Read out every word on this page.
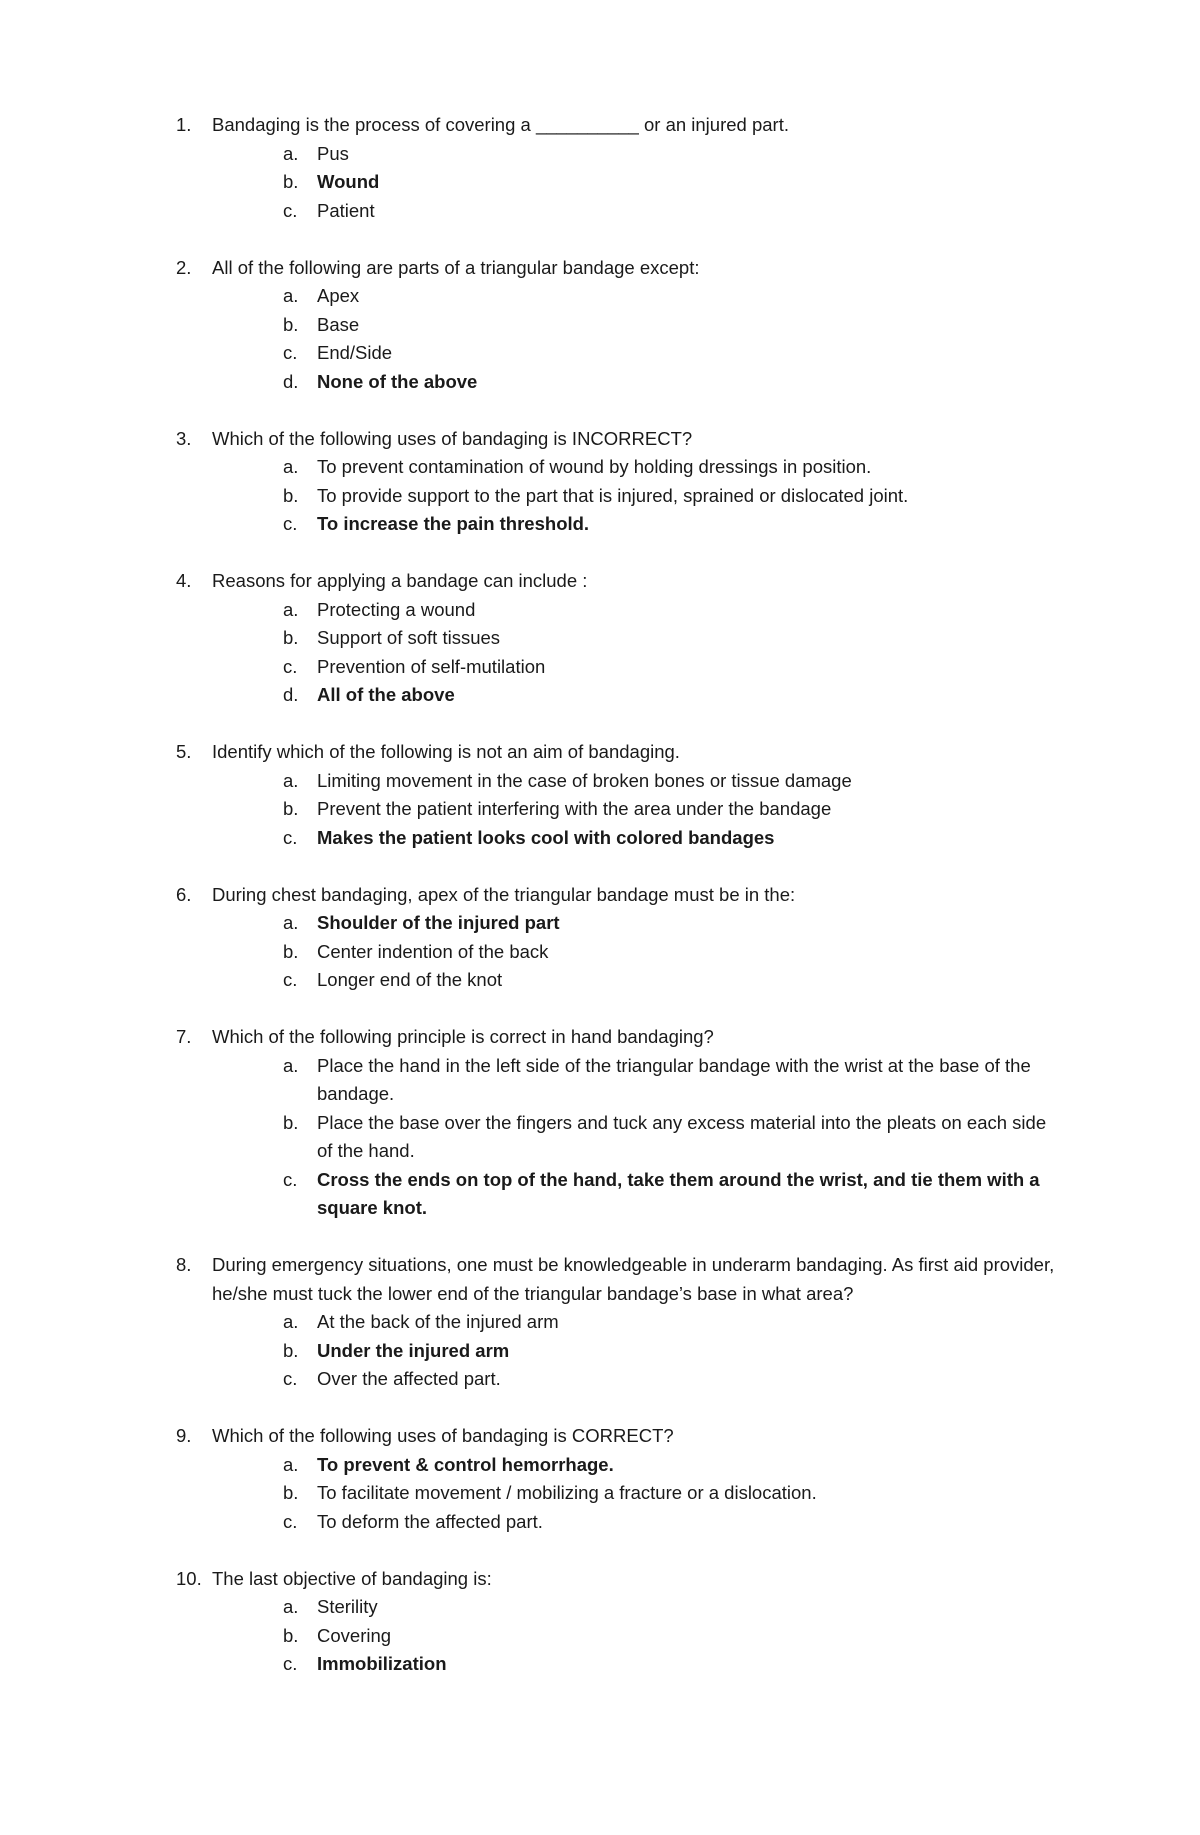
1.	Bandaging is the process of covering a __________ or an injured part.
a.	Pus
b.	Wound
c.	Patient
2.	All of the following are parts of a triangular bandage except:
a.	Apex
b.	Base
c.	End/Side
d.	None of the above
3.	Which of the following uses of bandaging is INCORRECT?
a.	To prevent contamination of wound by holding dressings in position.
b.	To provide support to the part that is injured, sprained or dislocated joint.
c.	To increase the pain threshold.
4.	Reasons for applying a bandage can include :
a.	Protecting a wound
b.	Support of soft tissues
c.	Prevention of self-mutilation
d.	All of the above
5.	Identify which of the following is not an aim of bandaging.
a.	Limiting movement in the case of broken bones or tissue damage
b.	Prevent the patient interfering with the area under the bandage
c.	Makes the patient looks cool with colored bandages
6.	During chest bandaging, apex of the triangular bandage must be in the:
a.	Shoulder of the injured part
b.	Center indention of the back
c.	Longer end of the knot
7.	Which of the following principle is correct in hand bandaging?
a.	Place the hand in the left side of the triangular bandage with the wrist at the base of the bandage.
b.	Place the base over the fingers and tuck any excess material into the pleats on each side of the hand.
c.	Cross the ends on top of the hand, take them around the wrist, and tie them with a square knot.
8.	During emergency situations, one must be knowledgeable in underarm bandaging. As first aid provider, he/she must tuck the lower end of the triangular bandage’s base in what area?
a.	At the back of the injured arm
b.	Under the injured arm
c.	Over the affected part.
9.	Which of the following uses of bandaging is CORRECT?
a.	To prevent & control hemorrhage.
b.	To facilitate movement / mobilizing a fracture or a dislocation.
c.	To deform the affected part.
10. The last objective of bandaging is:
a.	Sterility
b.	Covering
c.	Immobilization
